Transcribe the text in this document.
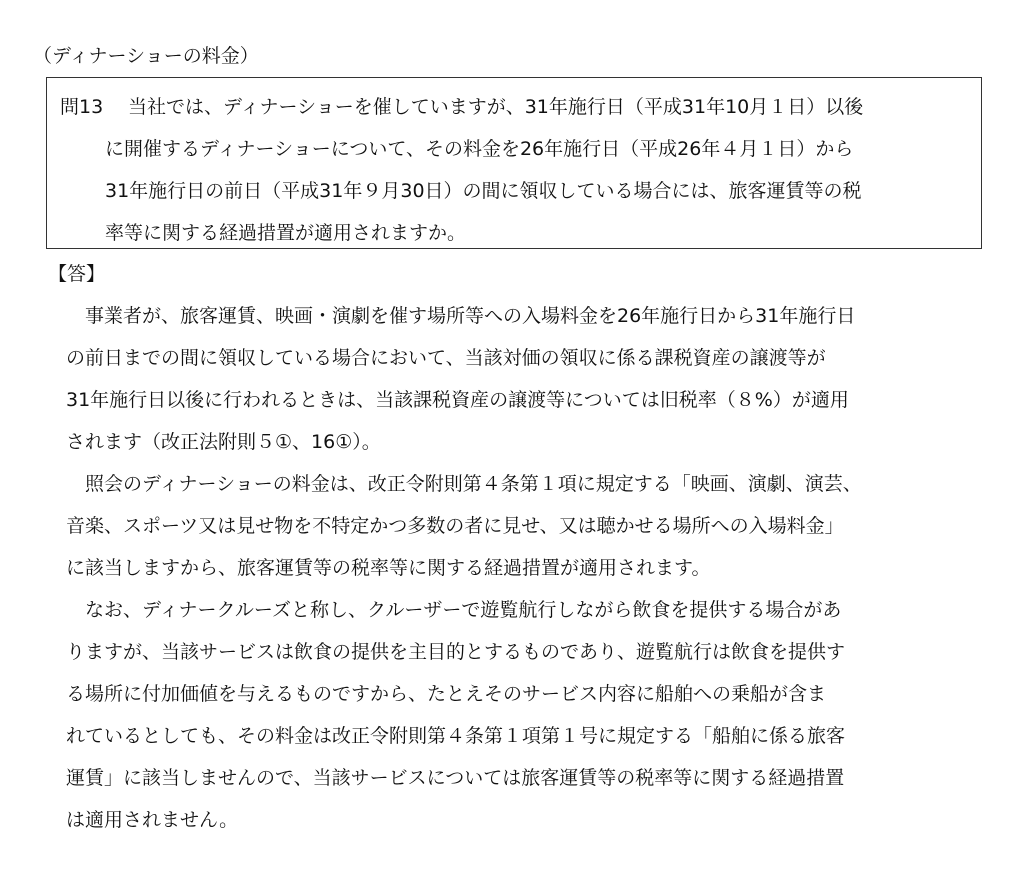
（ディナーショーの料金）
問13 当社では、ディナーショーを催していますが、31年施行日（平成31年10月１日）以後
に開催するディナーショーについて、その料金を26年施行日（平成26年４月１日）から
31年施行日の前日（平成31年９月30日）の間に領収している場合には、旅客運賃等の税
率等に関する経過措置が適用されますか。
【答】
　事業者が、旅客運賃、映画・演劇を催す場所等への入場料金を26年施行日から31年施行日
の前日までの間に領収している場合において、当該対価の領収に係る課税資産の譲渡等が
31年施行日以後に行われるときは、当該課税資産の譲渡等については旧税率（８%）が適用
されます（改正法附則５①、16①）。
　照会のディナーショーの料金は、改正令附則第４条第１項に規定する「映画、演劇、演芸、
音楽、スポーツ又は見せ物を不特定かつ多数の者に見せ、又は聴かせる場所への入場料金」
に該当しますから、旅客運賃等の税率等に関する経過措置が適用されます。
　なお、ディナークルーズと称し、クルーザーで遊覧航行しながら飲食を提供する場合があ
りますが、当該サービスは飲食の提供を主目的とするものであり、遊覧航行は飲食を提供す
る場所に付加価値を与えるものですから、たとえそのサービス内容に船舶への乗船が含ま
れているとしても、その料金は改正令附則第４条第１項第１号に規定する「船舶に係る旅客
運賃」に該当しませんので、当該サービスについては旅客運賃等の税率等に関する経過措置
は適用されません。
